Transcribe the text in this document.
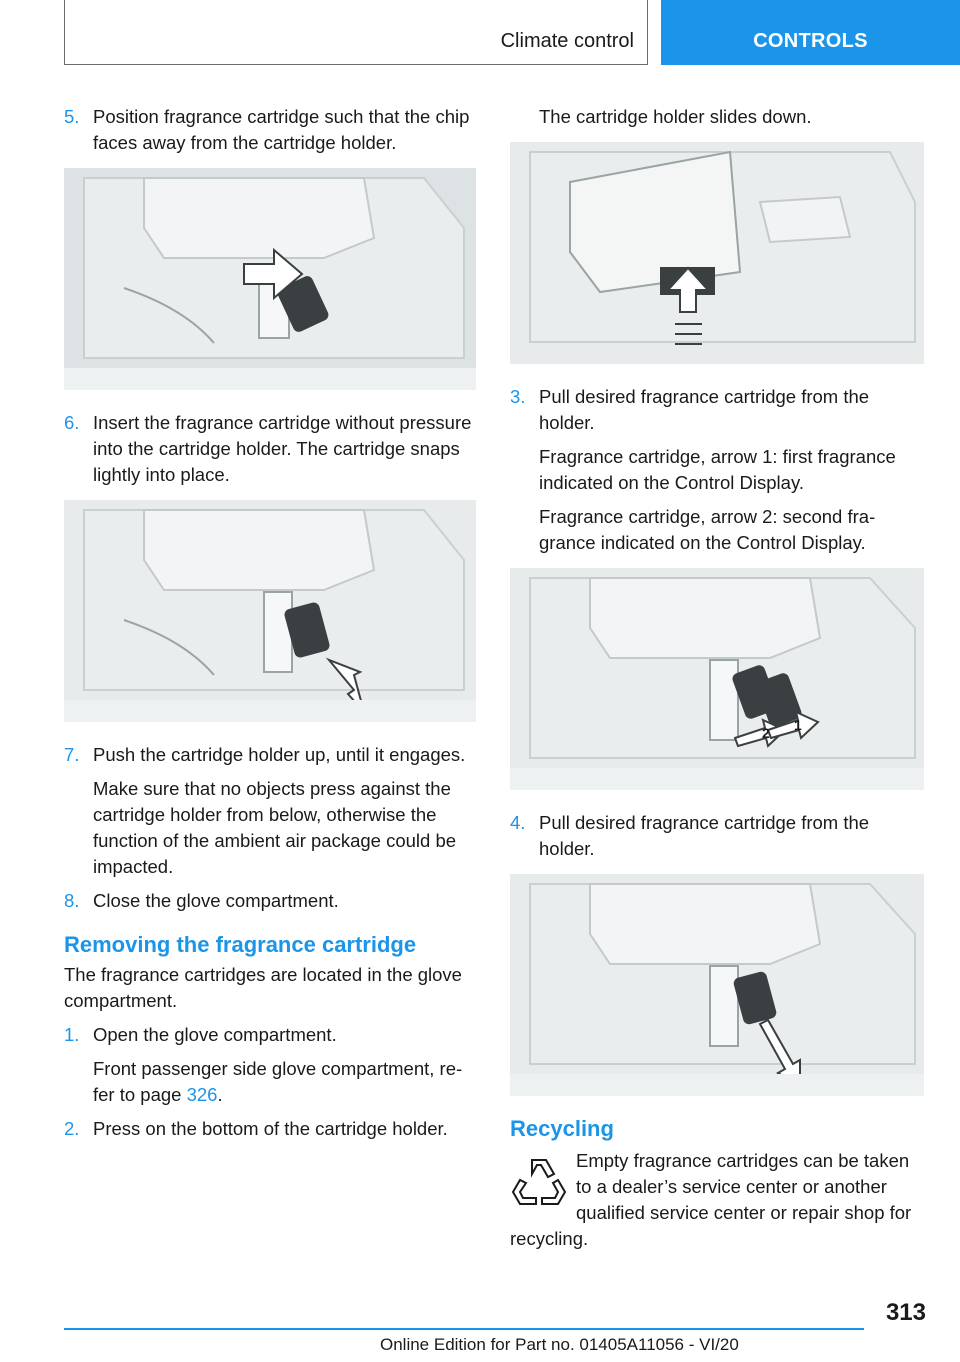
Climate control	CONTROLS
5. Position fragrance cartridge such that the chip faces away from the cartridge holder.
6. Insert the fragrance cartridge without pressure into the cartridge holder. The cartridge snaps lightly into place.
7. Push the cartridge holder up, until it engages.
Make sure that no objects press against the cartridge holder from below, otherwise the function of the ambient air package could be impacted.
8. Close the glove compartment.
Removing the fragrance cartridge
The fragrance cartridges are located in the glove compartment.
1. Open the glove compartment.
Front passenger side glove compartment, refer to page 326.
2. Press on the bottom of the cartridge holder.
The cartridge holder slides down.
3. Pull desired fragrance cartridge from the holder.
Fragrance cartridge, arrow 1: first fragrance indicated on the Control Display.
Fragrance cartridge, arrow 2: second fragrance indicated on the Control Display.
2 1
4. Pull desired fragrance cartridge from the holder.
Recycling
Empty fragrance cartridges can be taken to a dealer’s service center or another qualified service center or repair shop for recycling.
313
Online Edition for Part no. 01405A11056 - VI/20
